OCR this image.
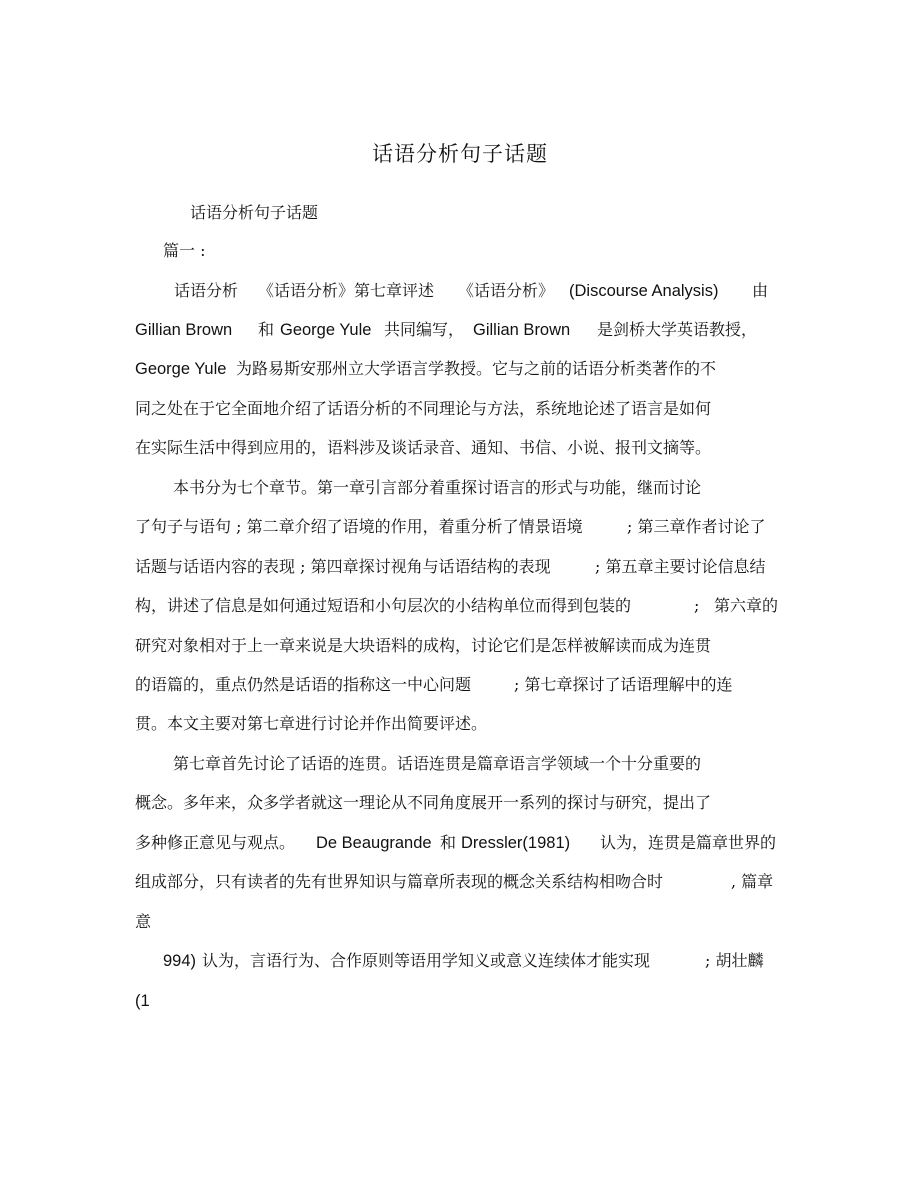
话语分析句子话题
话语分析句子话题
篇一 :
话语分析 《话语分析》第七章评述 《话语分析》 (Discourse Analysis) 由
Gillian Brown 和 George Yule 共同编写， Gillian Brown 是剑桥大学英语教授，
George Yule 为路易斯安那州立大学语言学教授。它与之前的话语分析类著作的不
同之处在于它全面地介绍了话语分析的不同理论与方法，系统地论述了语言是如何
在实际生活中得到应用的，语料涉及谈话录音、通知、书信、小说、报刊文摘等。
本书分为七个章节。第一章引言部分着重探讨语言的形式与功能，继而讨论
了句子与语句 ; 第二章介绍了语境的作用，着重分析了情景语境	; 第三章作者讨论了
话题与话语内容的表现 ; 第四章探讨视角与话语结构的表现	; 第五章主要讨论信息结
构，讲述了信息是如何通过短语和小句层次的小结构单位而得到包装的	; 第六章的
研究对象相对于上一章来说是大块语料的成构，讨论它们是怎样被解读而成为连贯
的语篇的，重点仍然是话语的指称这一中心问题	; 第七章探讨了话语理解中的连
贯。本文主要对第七章进行讨论并作出简要评述。
第七章首先讨论了话语的连贯。话语连贯是篇章语言学领域一个十分重要的
概念。多年来，众多学者就这一理论从不同角度展开一系列的探讨与研究，提出了
多种修正意见与观点。 De Beaugrande 和 Dressler(1981) 认为，连贯是篇章世界的
组成部分，只有读者的先有世界知识与篇章所表现的概念关系结构相吻合时	, 篇章
意
994) 认为，言语行为、合作原则等语用学知义或意义连续体才能实现	; 胡壮麟
(1
